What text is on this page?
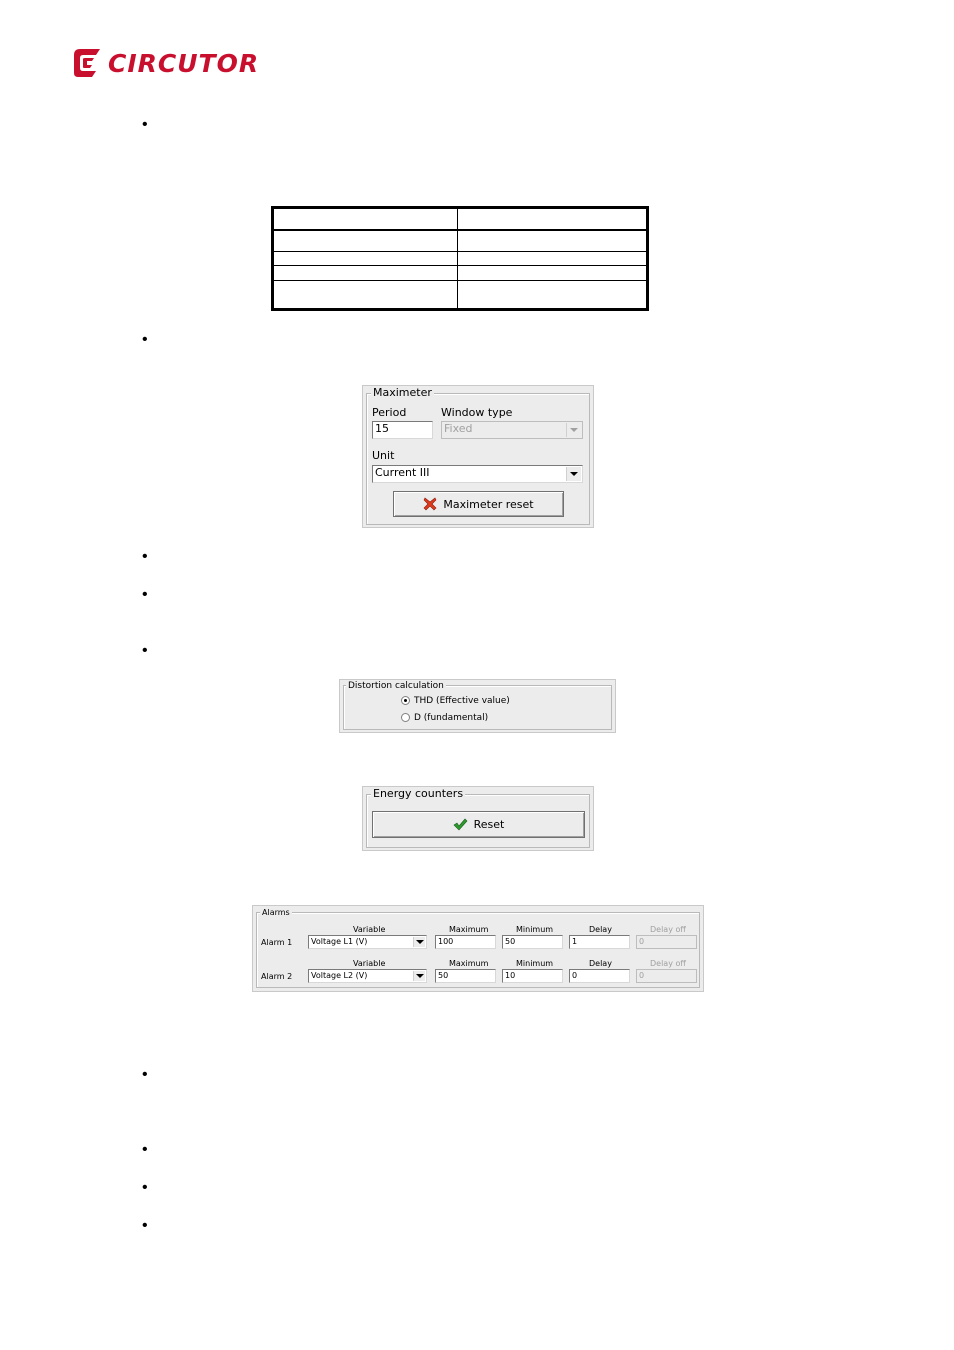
CIRCUTOR
•
•
•
•
•
•
•
•
•

Maximeter
Period	Window type
15	Fixed
Unit
Current III
Maximeter reset
Distortion calculation
THD (Effective value)
D (fundamental)
Energy counters
Reset
Alarms
Variable	Maximum	Minimum	Delay	Delay off
Alarm 1	Voltage L1 (V)	100	50	1	0
Variable	Maximum	Minimum	Delay	Delay off
Alarm 2	Voltage L2 (V)	50	10	0	0
